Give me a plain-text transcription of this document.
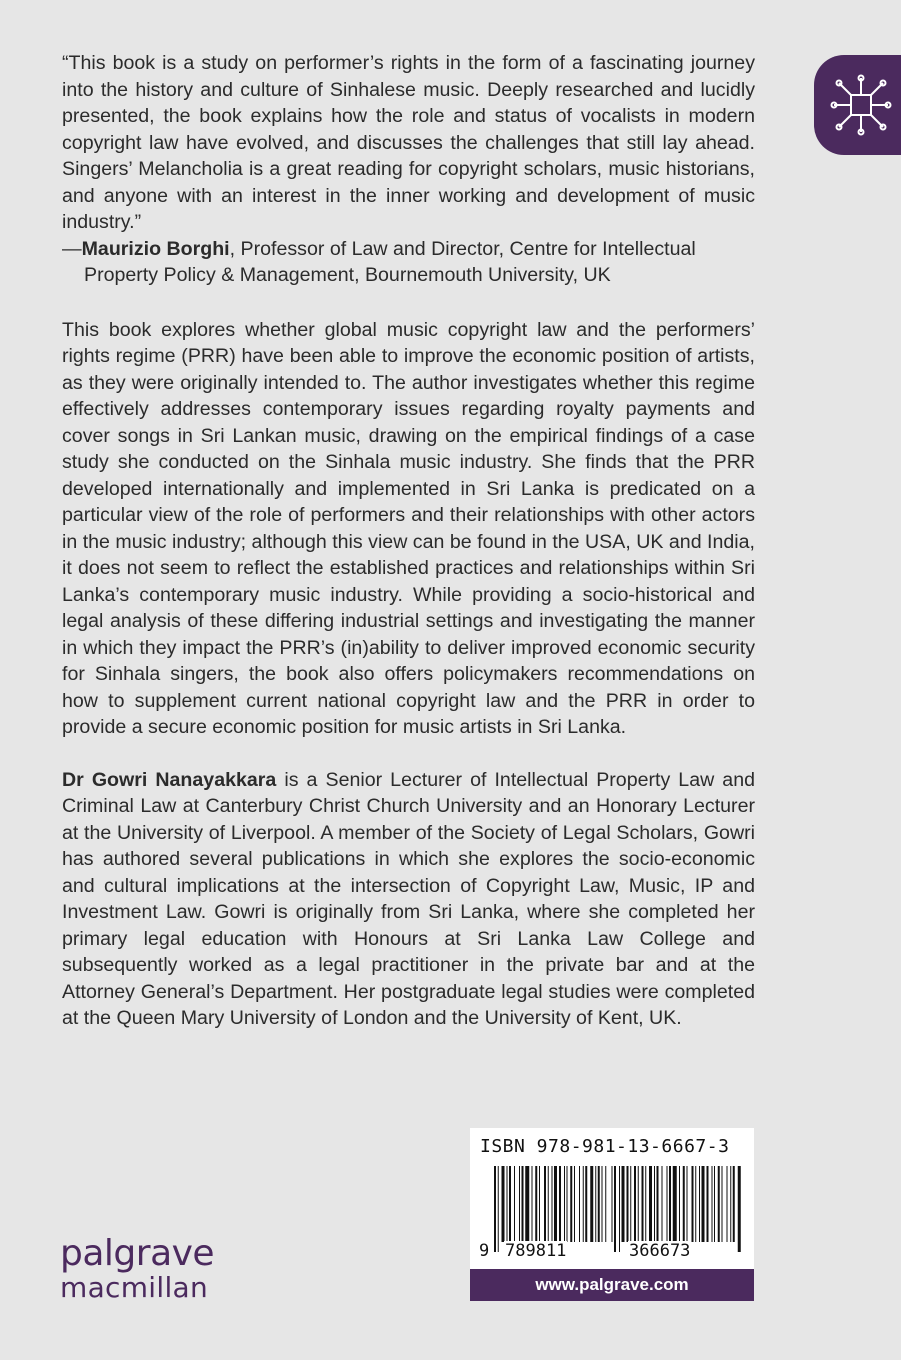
“This book is a study on performer’s rights in the form of a fascinating journey into the history and culture of Sinhalese music. Deeply researched and lucidly presented, the book explains how the role and status of vocalists in modern copyright law have evolved, and discusses the challenges that still lay ahead. Singers’ Melancholia is a great reading for copyright scholars, music historians, and anyone with an interest in the inner working and development of music industry.”

—Maurizio Borghi, Professor of Law and Director, Centre for Intellectual
Property Policy & Management, Bournemouth University, UK

This book explores whether global music copyright law and the performers’ rights regime (PRR) have been able to improve the economic position of artists, as they were originally intended to. The author investigates whether this regime effectively addresses contemporary issues regarding royalty payments and cover songs in Sri Lankan music, drawing on the empirical findings of a case study she conducted on the Sinhala music industry. She finds that the PRR developed internationally and implemented in Sri Lanka is predicated on a particular view of the role of performers and their relationships with other actors in the music industry; although this view can be found in the USA, UK and India, it does not seem to reflect the established practices and relationships within Sri Lanka’s contemporary music industry. While providing a socio-historical and legal analysis of these differing industrial settings and investigating the manner in which they impact the PRR’s (in)ability to deliver improved economic security for Sinhala singers, the book also offers policymakers recommendations on how to supplement current national copyright law and the PRR in order to provide a secure economic position for music artists in Sri Lanka.

Dr Gowri Nanayakkara is a Senior Lecturer of Intellectual Property Law and Criminal Law at Canterbury Christ Church University and an Honorary Lecturer at the University of Liverpool. A member of the Society of Legal Scholars, Gowri has authored several publications in which she explores the socio-economic and cultural implications at the intersection of Copyright Law, Music, IP and Investment Law. Gowri is originally from Sri Lanka, where she completed her primary legal education with Honours at Sri Lanka Law College and subsequently worked as a legal practitioner in the private bar and at the Attorney General’s Department. Her postgraduate legal studies were completed at the Queen Mary University of London and the University of Kent, UK.

ISBN 978-981-13-6667-3
9 789811	366673
www.palgrave.com
palgrave
macmillan
